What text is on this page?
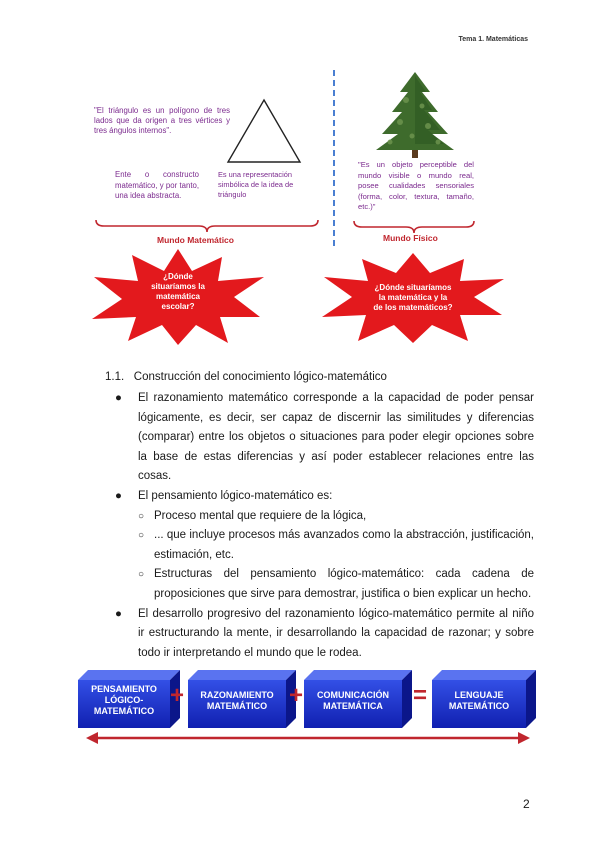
Tema 1. Matemáticas
"El triángulo es un polígono de tres lados que da origen a tres vértices y tres ángulos internos".
Ente o constructo matemático, y por tanto, una idea abstracta.
Es una representación simbólica de la idea de triángulo
Mundo Matemático
"Es un objeto perceptible del mundo visible o mundo real, posee cualidades sensoriales (forma, color, textura, tamaño, etc.)"
Mundo Físico
¿Dónde
situaríamos la
matemática
escolar?
¿Dónde situaríamos
la matemática y la
de los matemáticos?
1.1. Construcción del conocimiento lógico-matemático
● El razonamiento matemático corresponde a la capacidad de poder pensar lógicamente, es decir, ser capaz de discernir las similitudes y diferencias (comparar) entre los objetos o situaciones para poder elegir opciones sobre la base de estas diferencias y así poder establecer relaciones entre las cosas.
● El pensamiento lógico-matemático es:
○ Proceso mental que requiere de la lógica,
○ ... que incluye procesos más avanzados como la abstracción, justificación, estimación, etc.
○ Estructuras del pensamiento lógico-matemático: cada cadena de proposiciones que sirve para demostrar, justifica o bien explicar un hecho.
● El desarrollo progresivo del razonamiento lógico-matemático permite al niño ir estructurando la mente, ir desarrollando la capacidad de razonar; y sobre todo ir interpretando el mundo que le rodea.
PENSAMIENTO
LÓGICO-
MATEMÁTICO
RAZONAMIENTO
MATEMÁTICO
COMUNICACIÓN
MATEMÁTICA
LENGUAJE
MATEMÁTICO
+	+	=
2
